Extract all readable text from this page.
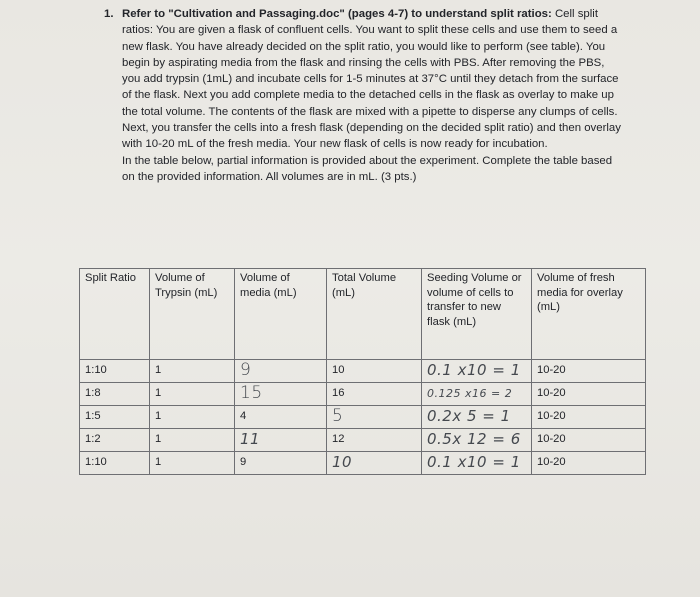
1. Refer to "Cultivation and Passaging.doc" (pages 4-7) to understand split ratios: Cell split ratios: You are given a flask of confluent cells. You want to split these cells and use them to seed a new flask. You have already decided on the split ratio, you would like to perform (see table). You begin by aspirating media from the flask and rinsing the cells with PBS. After removing the PBS, you add trypsin (1mL) and incubate cells for 1-5 minutes at 37°C until they detach from the surface of the flask. Next you add complete media to the detached cells in the flask as overlay to make up the total volume. The contents of the flask are mixed with a pipette to disperse any clumps of cells. Next, you transfer the cells into a fresh flask (depending on the decided split ratio) and then overlay with 10-20 mL of the fresh media. Your new flask of cells is now ready for incubation.

In the table below, partial information is provided about the experiment. Complete the table based on the provided information. All volumes are in mL. (3 pts.)

Split Ratio	Volume of Trypsin (mL)	Volume of media (mL)	Total Volume (mL)	Seeding Volume or volume of cells to transfer to new flask (mL)	Volume of fresh media for overlay (mL)
1:10	1	9	10	0.1 x10 = 1	10-20
1:8	1	15	16	0.125 x16 = 2	10-20
1:5	1	4	5	0.2x 5 = 1	10-20
1:2	1	11	12	0.5x 12 = 6	10-20
1:10	1	9	10	0.1 x10 = 1	10-20
